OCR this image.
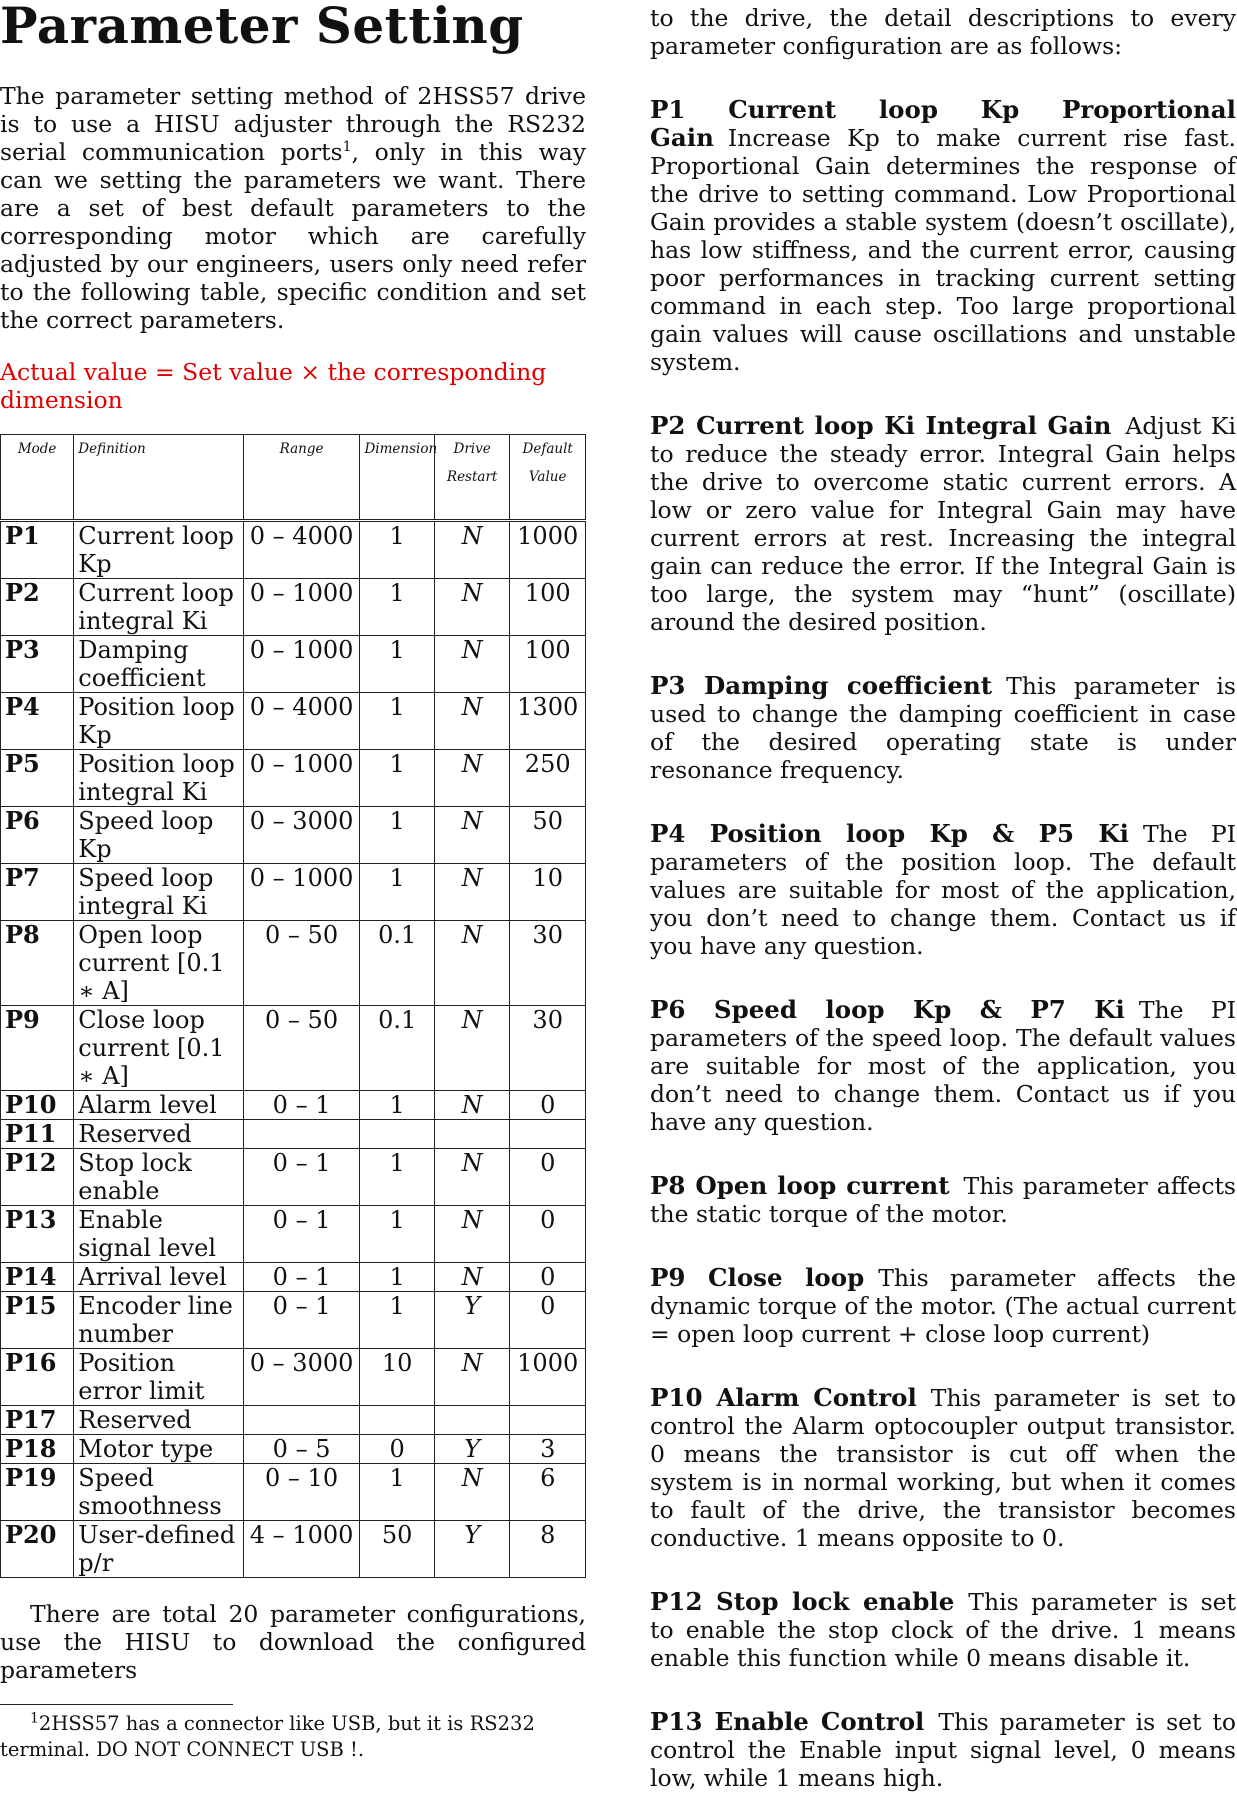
Parameter Setting

The parameter setting method of 2HSS57 drive is to use a HISU adjuster through the RS232 serial communication ports$^1$, only in this way can we setting the parameters we want. There are a set of best default parameters to the corresponding motor which are carefully adjusted by our engineers, users only need refer to the following table, specific condition and set the correct parameters.

Actual value = Set value × the corresponding dimension

Mode	Definition	Range	Dimension	Drive Restart	Default Value
P1	Current loop Kp	0 – 4000	1	N	1000
P2	Current loop integral Ki	0 – 1000	1	N	100
P3	Damping coefficient	0 – 1000	1	N	100
P4	Position loop Kp	0 – 4000	1	N	1300
P5	Position loop integral Ki	0 – 1000	1	N	250
P6	Speed loop Kp	0 – 3000	1	N	50
P7	Speed loop integral Ki	0 – 1000	1	N	10
P8	Open loop current [0.1 ∗ A]	0 – 50	0.1	N	30
P9	Close loop current [0.1 ∗ A]	0 – 50	0.1	N	30
P10	Alarm level	0 – 1	1	N	0
P11	Reserved				
P12	Stop lock enable	0 – 1	1	N	0
P13	Enable signal level	0 – 1	1	N	0
P14	Arrival level	0 – 1	1	N	0
P15	Encoder line number	0 – 1	1	Y	0
P16	Position error limit	0 – 3000	10	N	1000
P17	Reserved				
P18	Motor type	0 – 5	0	Y	3
P19	Speed smoothness	0 – 10	1	N	6
P20	User-defined p/r	4 – 1000	50	Y	8

There are total 20 parameter configurations, use the HISU to download the configured parameters

$^1$2HSS57 has a connector like USB, but it is RS232 terminal. DO NOT CONNECT USB !.

to the drive, the detail descriptions to every parameter configuration are as follows:

P1 Current loop Kp Proportional Gain Increase Kp to make current rise fast. Proportional Gain determines the response of the drive to setting command. Low Proportional Gain provides a stable system (doesn’t oscillate), has low stiffness, and the current error, causing poor performances in tracking current setting command in each step. Too large proportional gain values will cause oscillations and unstable system.

P2 Current loop Ki Integral Gain Adjust Ki to reduce the steady error. Integral Gain helps the drive to overcome static current errors. A low or zero value for Integral Gain may have current errors at rest. Increasing the integral gain can reduce the error. If the Integral Gain is too large, the system may “hunt” (oscillate) around the desired position.

P3 Damping coefficient This parameter is used to change the damping coefficient in case of the desired operating state is under resonance frequency.

P4 Position loop Kp & P5 Ki The PI parameters of the position loop. The default values are suitable for most of the application, you don’t need to change them. Contact us if you have any question.

P6 Speed loop Kp & P7 Ki The PI parameters of the speed loop. The default values are suitable for most of the application, you don’t need to change them. Contact us if you have any question.

P8 Open loop current This parameter affects the static torque of the motor.

P9 Close loop This parameter affects the dynamic torque of the motor. (The actual current = open loop current + close loop current)

P10 Alarm Control This parameter is set to control the Alarm optocoupler output transistor. 0 means the transistor is cut off when the system is in normal working, but when it comes to fault of the drive, the transistor becomes conductive. 1 means opposite to 0.

P12 Stop lock enable This parameter is set to enable the stop clock of the drive. 1 means enable this function while 0 means disable it.

P13 Enable Control This parameter is set to control the Enable input signal level, 0 means low, while 1 means high.
